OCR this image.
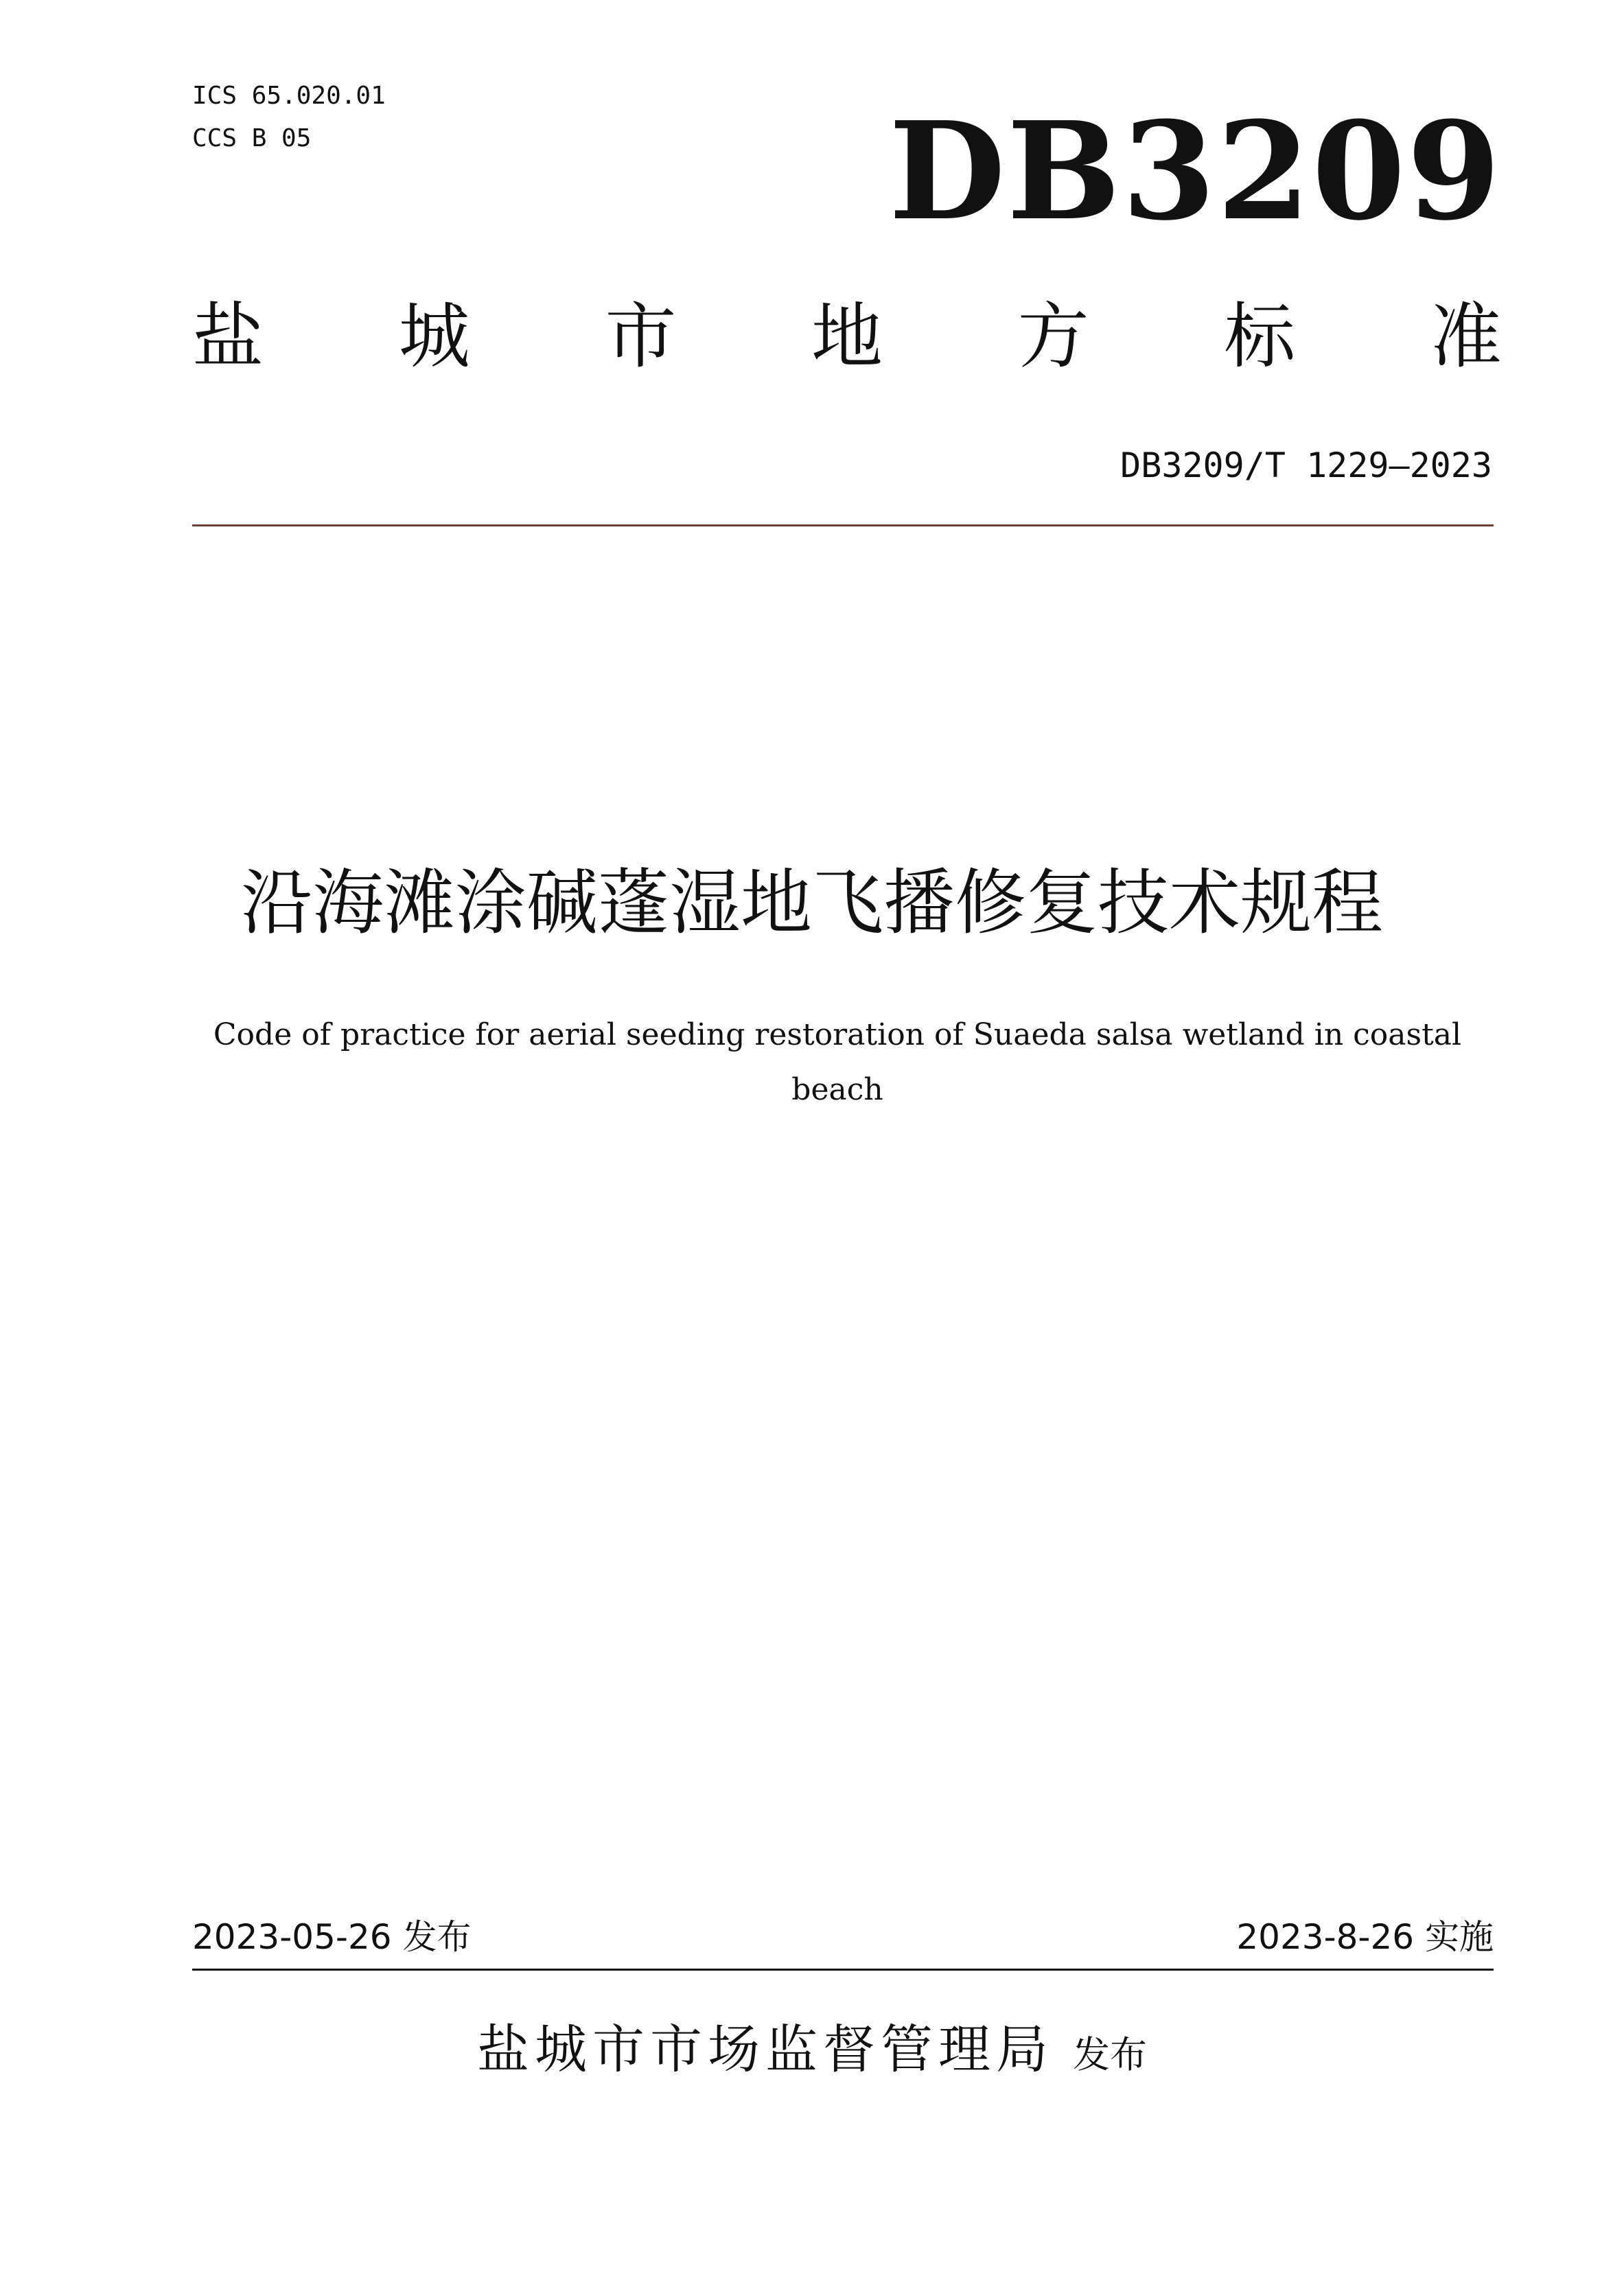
ICS 65.020.01
CCS B 05	DB3209
盐 城 市 地 方 标 准
DB3209/T 1229—2023
沿海滩涂碱蓬湿地飞播修复技术规程
Code of practice for aerial seeding restoration of Suaeda salsa wetland in coastal beach
2023-05-26 发布	2023-8-26 实施
盐城市市场监督管理局 发布
